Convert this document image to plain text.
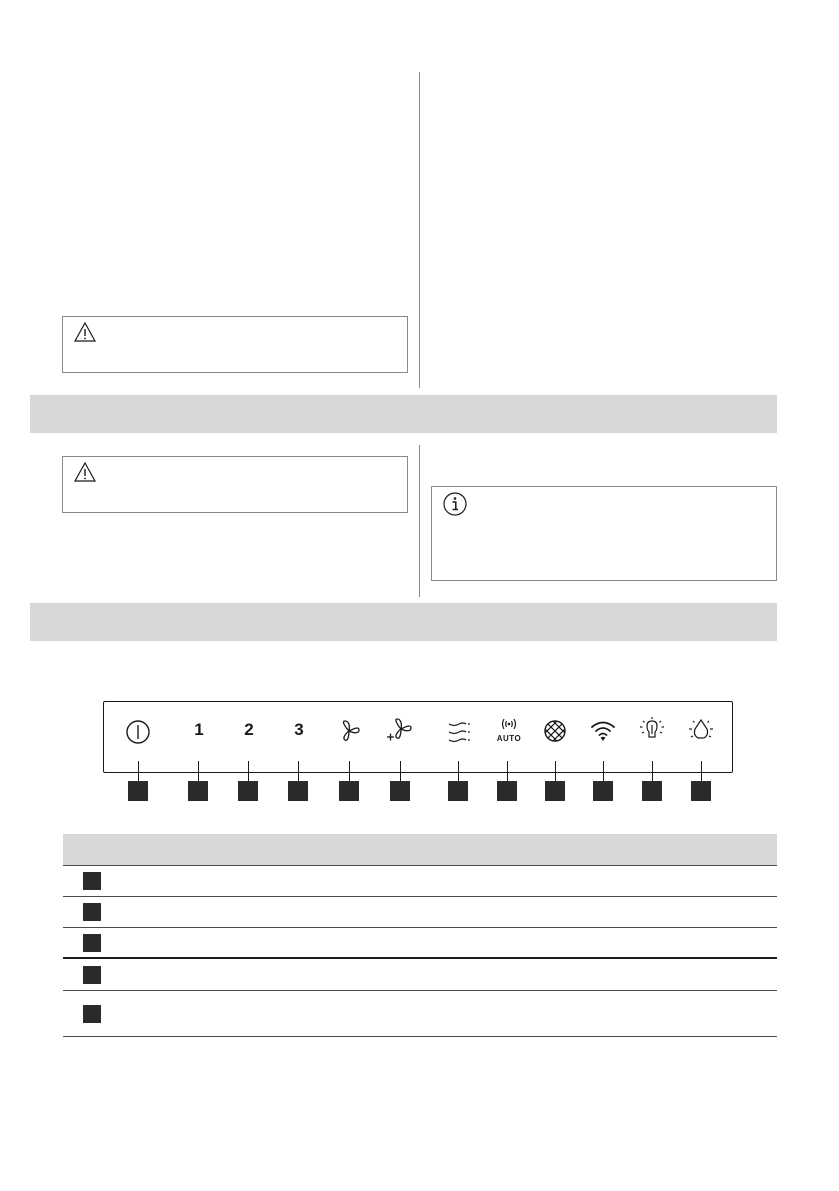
1	2	3	AUTO
